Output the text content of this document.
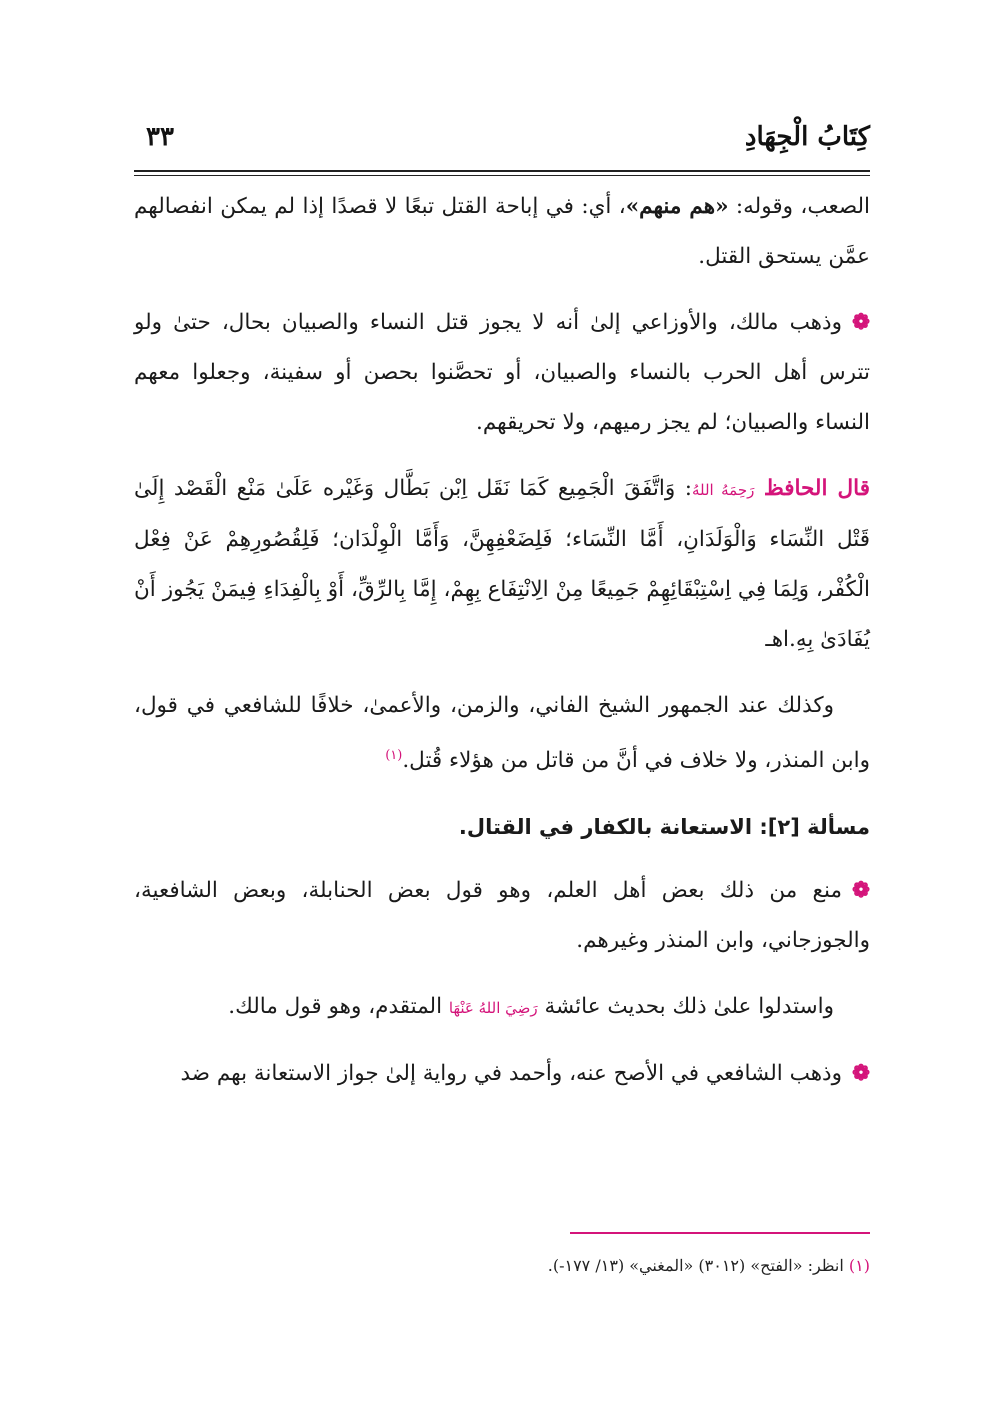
كِتَابُ الْجِهَادِ
٣٣

الصعب، وقوله: «هم منهم»، أي: في إباحة القتل تبعًا لا قصدًا إذا لم يمكن انفصالهم عمَّن يستحق القتل.

❁وذهب مالك، والأوزاعي إلىٰ أنه لا يجوز قتل النساء والصبيان بحال، حتىٰ ولو تترس أهل الحرب بالنساء والصبيان، أو تحصَّنوا بحصن أو سفينة، وجعلوا معهم النساء والصبيان؛ لم يجز رميهم، ولا تحريقهم.

قال الحافظ رَحِمَهُ اللهُ: وَاتَّفَقَ الْجَمِيع كَمَا نَقَل اِبْن بَطَّال وَغَيْره عَلَىٰ مَنْع الْقَصْد إِلَىٰ قَتْل النِّسَاء وَالْوَلَدَانِ، أَمَّا النِّسَاء؛ فَلِضَعْفِهِنَّ، وَأَمَّا الْوِلْدَان؛ فَلِقُصُورِهِمْ عَنْ فِعْل الْكُفْر، وَلِمَا فِي اِسْتِبْقَائِهِمْ جَمِيعًا مِنْ الِانْتِفَاع بِهِمْ، إِمَّا بِالرِّقِّ، أَوْ بِالْفِدَاءِ فِيمَنْ يَجُوز أَنْ يُفَادَىٰ بِهِ.اهـ

وكذلك عند الجمهور الشيخ الفاني، والزمن، والأعمىٰ، خلافًا للشافعي في قول، وابن المنذر، ولا خلاف في أنَّ من قاتل من هؤلاء قُتل.$^{(١)}$

مسألة [٢]: الاستعانة بالكفار في القتال.

❁منع من ذلك بعض أهل العلم، وهو قول بعض الحنابلة، وبعض الشافعية، والجوزجاني، وابن المنذر وغيرهم.

واستدلوا علىٰ ذلك بحديث عائشة رَضِيَ اللهُ عَنْهَا المتقدم، وهو قول مالك.

❁وذهب الشافعي في الأصح عنه، وأحمد في رواية إلىٰ جواز الاستعانة بهم ضد

(١) انظر: «الفتح» (٣٠١٢) «المغني» (١٣/ ١٧٧-).
